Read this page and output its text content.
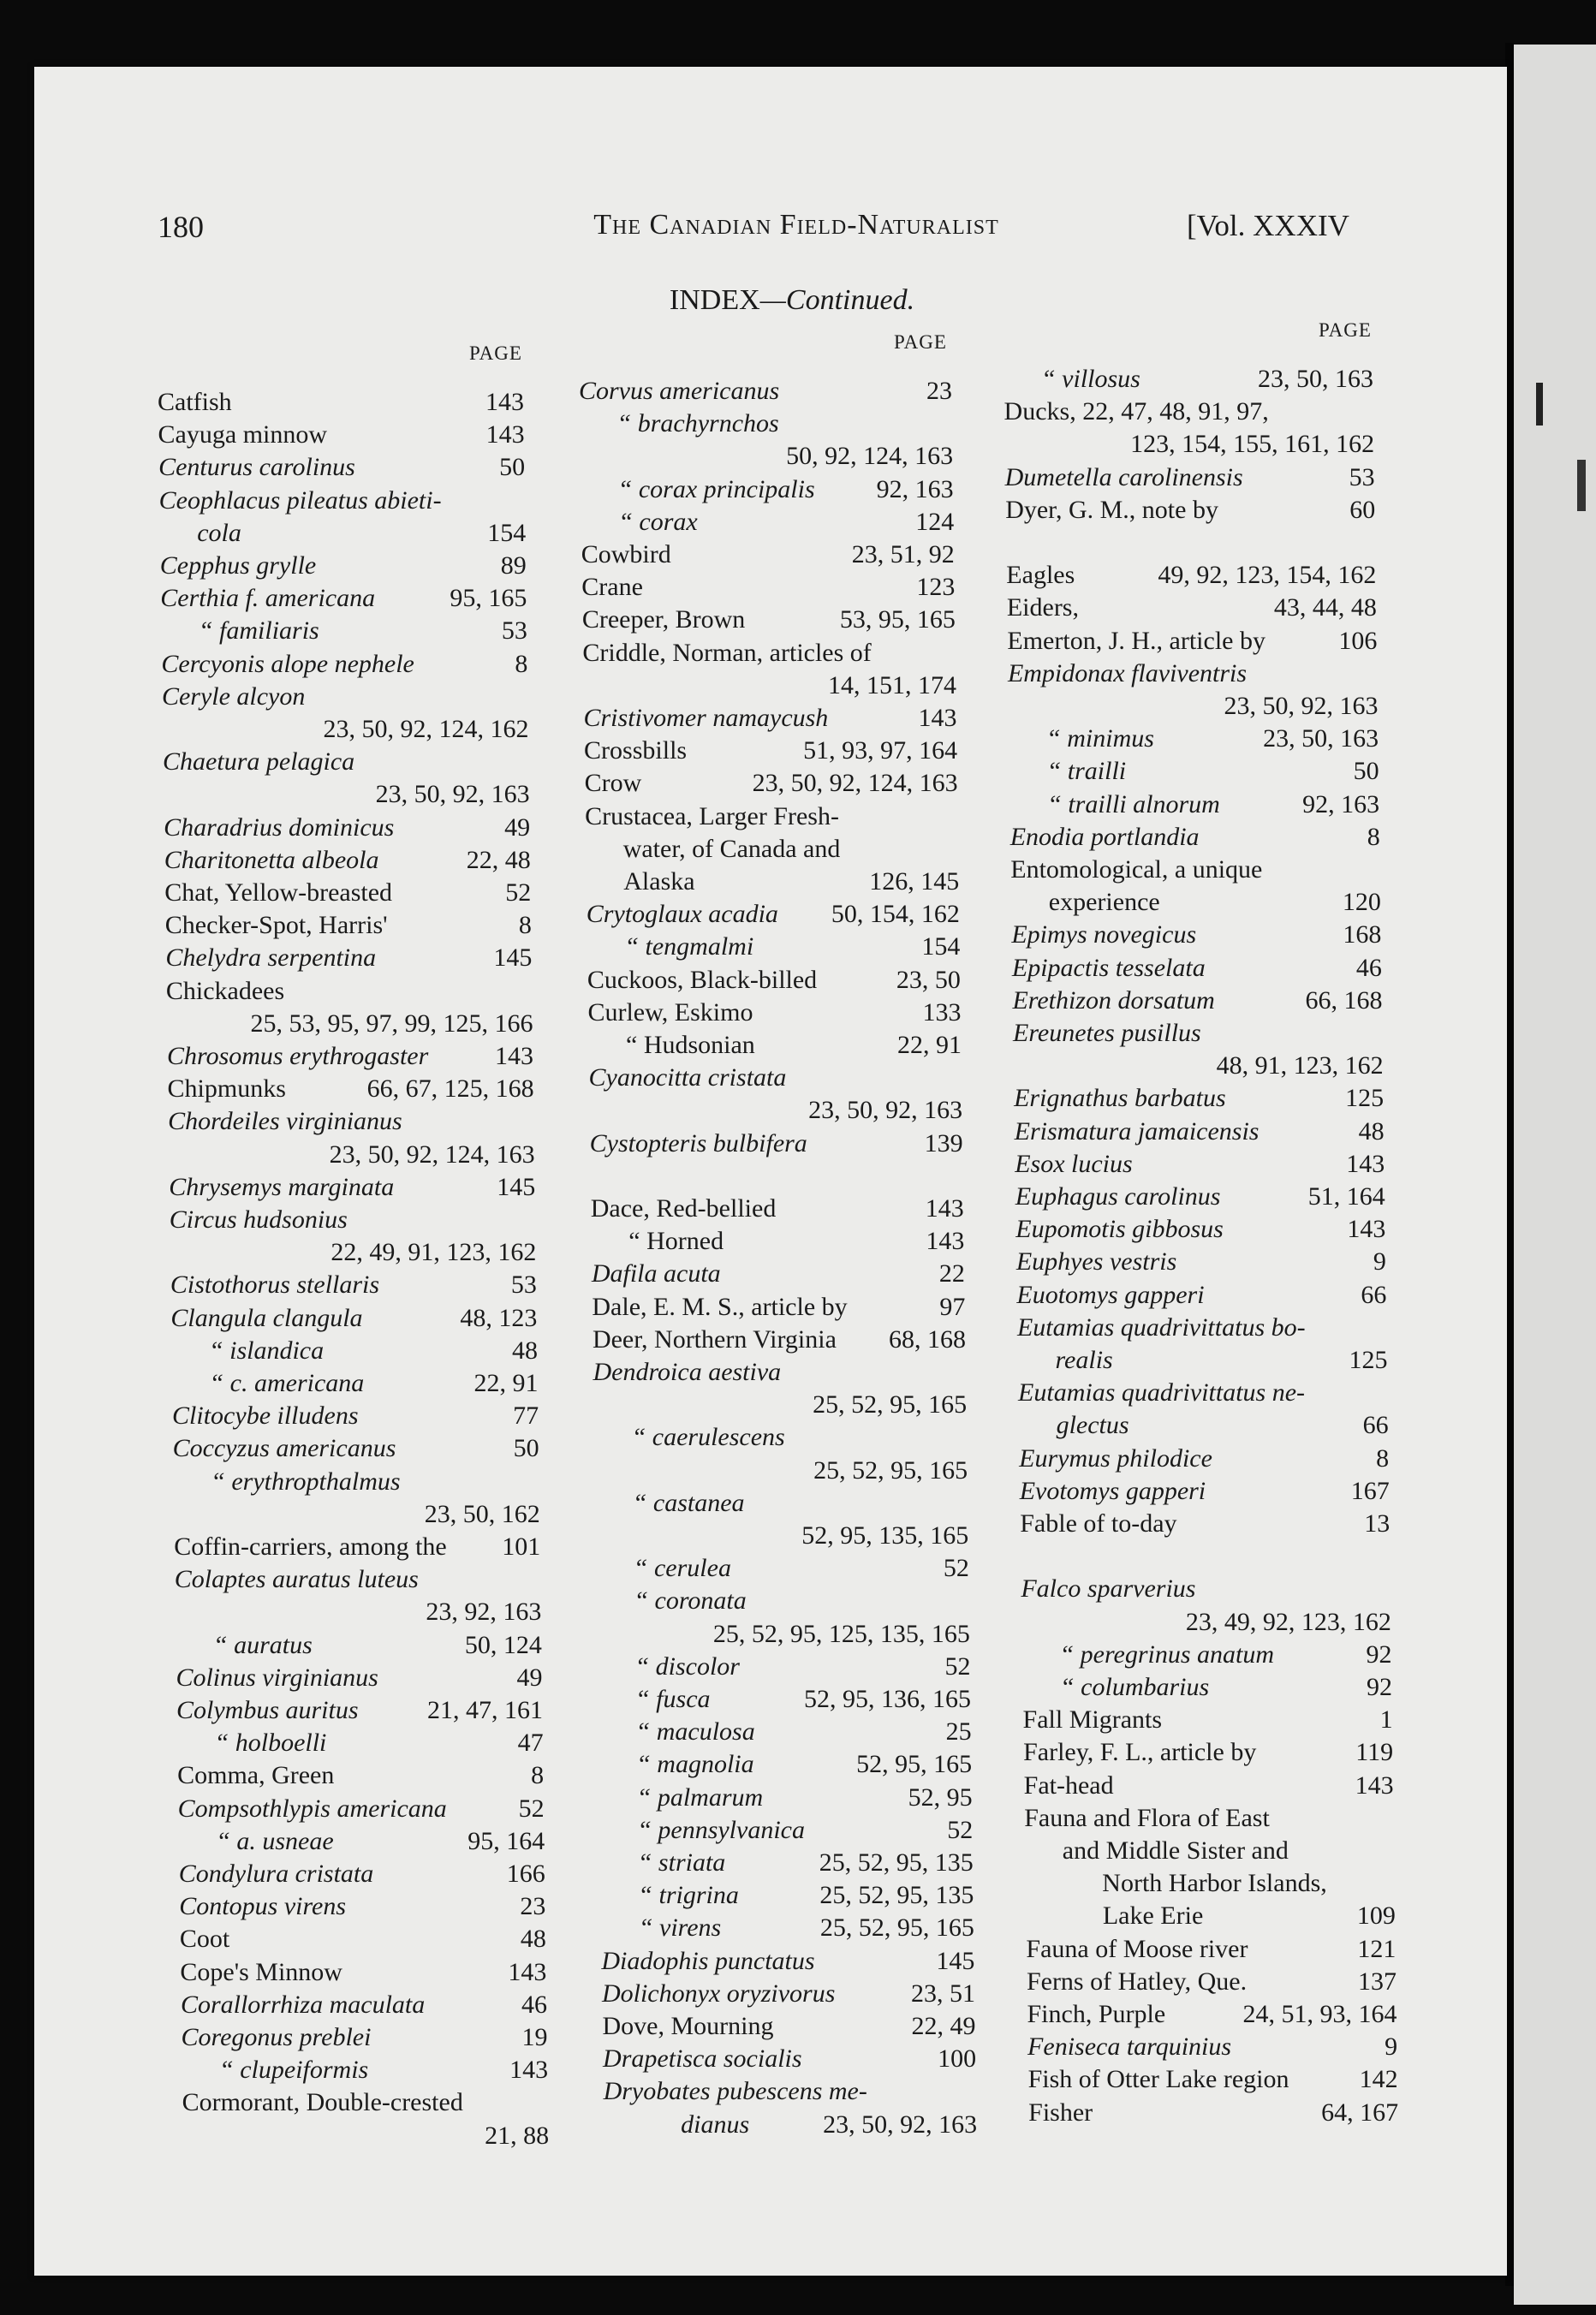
180	The Canadian Field-Naturalist	[Vol. XXXIV
INDEX—Continued.
PAGE
PAGE
PAGE
Catfish	143
Cayuga minnow	143
Centurus carolinus	50
Ceophlacus pileatus abieti-
cola	154
Cepphus grylle	89
Certhia f. americana	95, 165
“ familiaris	53
Cercyonis alope nephele	8
Ceryle alcyon
23, 50, 92, 124, 162
Chaetura pelagica
23, 50, 92, 163
Charadrius dominicus	49
Charitonetta albeola	22, 48
Chat, Yellow-breasted	52
Checker-Spot, Harris'	8
Chelydra serpentina	145
Chickadees
25, 53, 95, 97, 99, 125, 166
Chrosomus erythrogaster	143
Chipmunks	66, 67, 125, 168
Chordeiles virginianus
23, 50, 92, 124, 163
Chrysemys marginata	145
Circus hudsonius
22, 49, 91, 123, 162
Cistothorus stellaris	53
Clangula clangula	48, 123
“ islandica	48
“ c. americana	22, 91
Clitocybe illudens	77
Coccyzus americanus	50
“ erythropthalmus
23, 50, 162
Coffin-carriers, among the 101
Colaptes auratus luteus
23, 92, 163
“ auratus	50, 124
Colinus virginianus	49
Colymbus auritus	21, 47, 161
“ holboelli	47
Comma, Green	8
Compsothlypis americana	52
“ a. usneae	95, 164
Condylura cristata	166
Contopus virens	23
Coot	48
Cope's Minnow	143
Corallorrhiza maculata	46
Coregonus preblei	19
“ clupeiformis	143
Cormorant, Double-crested
21, 88
Corvus americanus	23
“ brachyrnchos
50, 92, 124, 163
“ corax principalis 92, 163
“ corax	124
Cowbird	23, 51, 92
Crane	123
Creeper, Brown	53, 95, 165
Criddle, Norman, articles of
14, 151, 174
Cristivomer namaycush	143
Crossbills	51, 93, 97, 164
Crow	23, 50, 92, 124, 163
Crustacea, Larger Fresh-
water, of Canada and
Alaska	126, 145
Crytoglaux acadia 50, 154, 162
“ tengmalmi	154
Cuckoos, Black-billed	23, 50
Curlew, Eskimo	133
“ Hudsonian	22, 91
Cyanocitta cristata
23, 50, 92, 163
Cystopteris bulbifera	139
Dace, Red-bellied	143
“ Horned	143
Dafila acuta	22
Dale, E. M. S., article by	97
Deer, Northern Virginia 68, 168
Dendroica aestiva
25, 52, 95, 165
“ caerulescens
25, 52, 95, 165
“ castanea
52, 95, 135, 165
“ cerulea	52
“ coronata
25, 52, 95, 125, 135, 165
“ discolor	52
“ fusca	52, 95, 136, 165
“ maculosa	25
“ magnolia	52, 95, 165
“ palmarum	52, 95
“ pennsylvanica	52
“ striata	25, 52, 95, 135
“ trigrina	25, 52, 95, 135
“ virens	25, 52, 95, 165
Diadophis punctatus	145
Dolichonyx oryzivorus	23, 51
Dove, Mourning	22, 49
Drapetisca socialis	100
Dryobates pubescens me-
dianus	23, 50, 92, 163
“ villosus	23, 50, 163
Ducks, 22, 47, 48, 91, 97,
123, 154, 155, 161, 162
Dumetella carolinensis	53
Dyer, G. M., note by	60
Eagles	49, 92, 123, 154, 162
Eiders,	43, 44, 48
Emerton, J. H., article by	106
Empidonax flaviventris
23, 50, 92, 163
“ minimus	23, 50, 163
“ trailli	50
“ trailli alnorum	92, 163
Enodia portlandia	8
Entomological, a unique
experience	120
Epimys novegicus	168
Epipactis tesselata	46
Erethizon dorsatum	66, 168
Ereunetes pusillus
48, 91, 123, 162
Erignathus barbatus	125
Erismatura jamaicensis	48
Esox lucius	143
Euphagus carolinus	51, 164
Eupomotis gibbosus	143
Euphyes vestris	9
Euotomys gapperi	66
Eutamias quadrivittatus bo-
realis	125
Eutamias quadrivittatus ne-
glectus	66
Eurymus philodice	8
Evotomys gapperi	167
Fable of to-day	13
Falco sparverius
23, 49, 92, 123, 162
“ peregrinus anatum	92
“ columbarius	92
Fall Migrants	1
Farley, F. L., article by	119
Fat-head	143
Fauna and Flora of East
and Middle Sister and
North Harbor Islands,
Lake Erie	109
Fauna of Moose river	121
Ferns of Hatley, Que.	137
Finch, Purple	24, 51, 93, 164
Feniseca tarquinius	9
Fish of Otter Lake region	142
Fisher	64, 167
